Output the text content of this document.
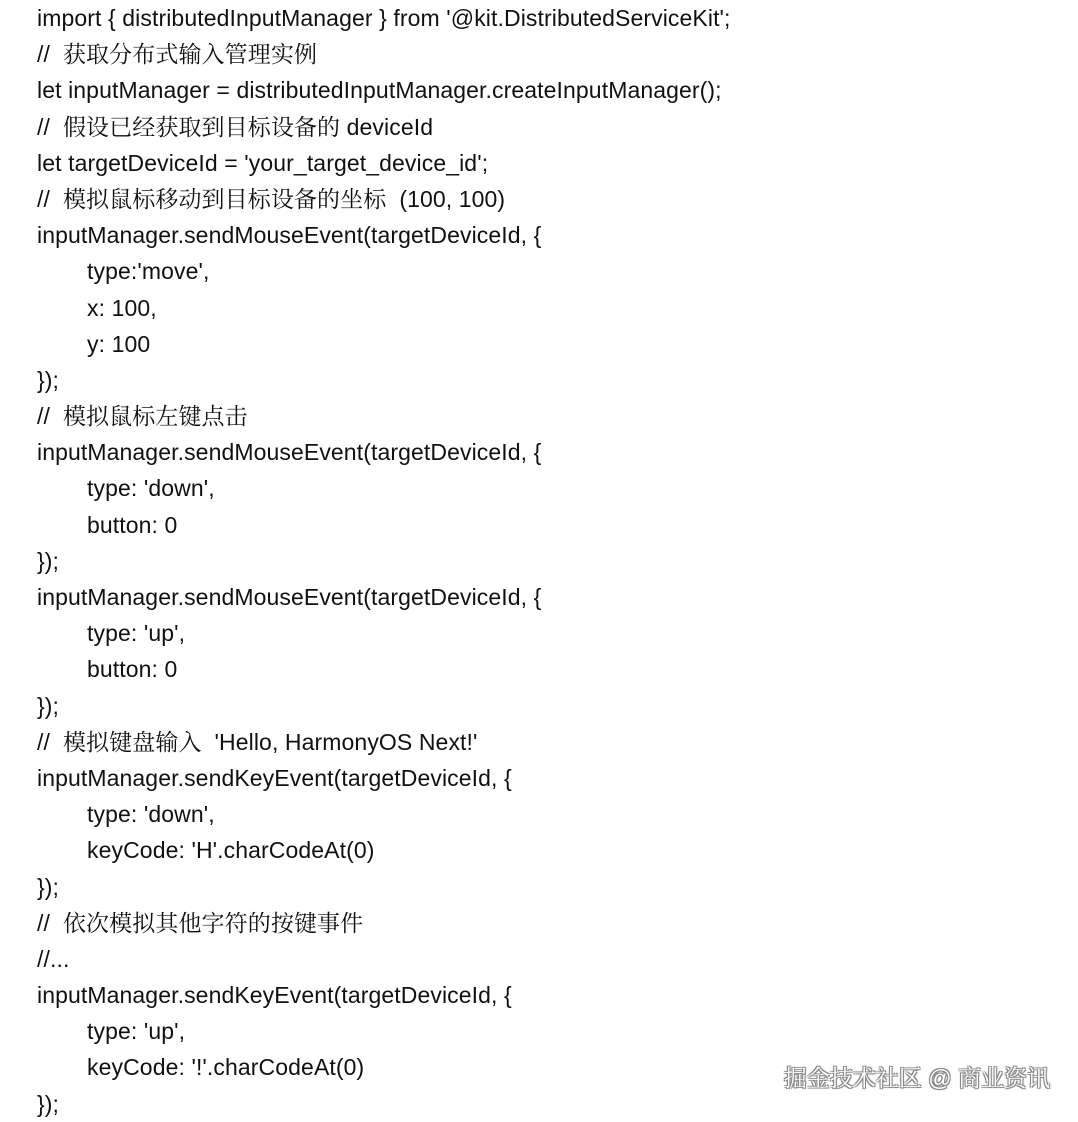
import { distributedInputManager } from '@kit.DistributedServiceKit';
//  获取分布式输入管理实例
let inputManager = distributedInputManager.createInputManager();
//  假设已经获取到目标设备的 deviceId
let targetDeviceId = 'your_target_device_id';
//  模拟鼠标移动到目标设备的坐标  (100, 100)
inputManager.sendMouseEvent(targetDeviceId, {
type:'move',
x: 100,
y: 100
});
//  模拟鼠标左键点击
inputManager.sendMouseEvent(targetDeviceId, {
type: 'down',
button: 0
});
inputManager.sendMouseEvent(targetDeviceId, {
type: 'up',
button: 0
});
//  模拟键盘输入  'Hello, HarmonyOS Next!'
inputManager.sendKeyEvent(targetDeviceId, {
type: 'down',
keyCode: 'H'.charCodeAt(0)
});
//  依次模拟其他字符的按键事件
//...
inputManager.sendKeyEvent(targetDeviceId, {
type: 'up',
keyCode: '!'.charCodeAt(0)
});
掘金技术社区 @ 商业资讯
